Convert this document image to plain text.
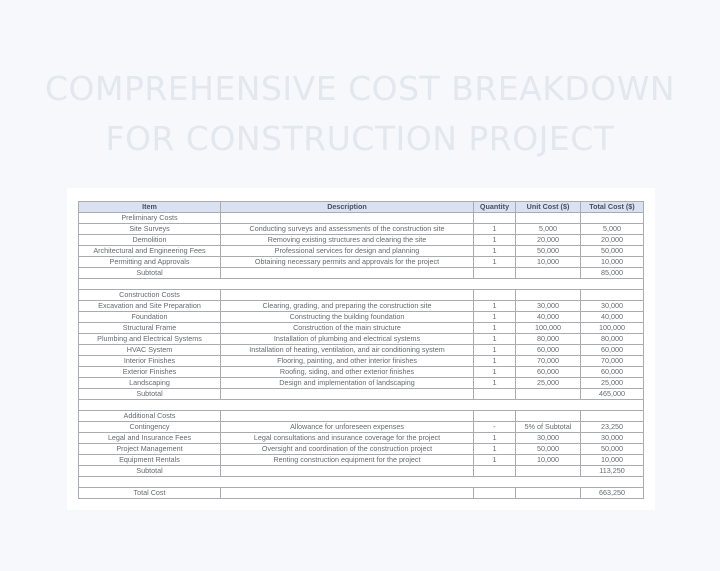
COMPREHENSIVE COST BREAKDOWN
FOR CONSTRUCTION PROJECT
Item	Description	Quantity	Unit Cost ($)	Total Cost ($)
Preliminary Costs				
Site Surveys	Conducting surveys and assessments of the construction site	1	5,000	5,000
Demolition	Removing existing structures and clearing the site	1	20,000	20,000
Architectural and Engineering Fees	Professional services for design and planning	1	50,000	50,000
Permitting and Approvals	Obtaining necessary permits and approvals for the project	1	10,000	10,000
Subtotal				85,000

Construction Costs				
Excavation and Site Preparation	Clearing, grading, and preparing the construction site	1	30,000	30,000
Foundation	Constructing the building foundation	1	40,000	40,000
Structural Frame	Construction of the main structure	1	100,000	100,000
Plumbing and Electrical Systems	Installation of plumbing and electrical systems	1	80,000	80,000
HVAC System	Installation of heating, ventilation, and air conditioning system	1	60,000	60,000
Interior Finishes	Flooring, painting, and other interior finishes	1	70,000	70,000
Exterior Finishes	Roofing, siding, and other exterior finishes	1	60,000	60,000
Landscaping	Design and implementation of landscaping	1	25,000	25,000
Subtotal				465,000

Additional Costs				
Contingency	Allowance for unforeseen expenses	-	5% of Subtotal	23,250
Legal and Insurance Fees	Legal consultations and insurance coverage for the project	1	30,000	30,000
Project Management	Oversight and coordination of the construction project	1	50,000	50,000
Equipment Rentals	Renting construction equipment for the project	1	10,000	10,000
Subtotal				113,250

Total Cost				663,250
